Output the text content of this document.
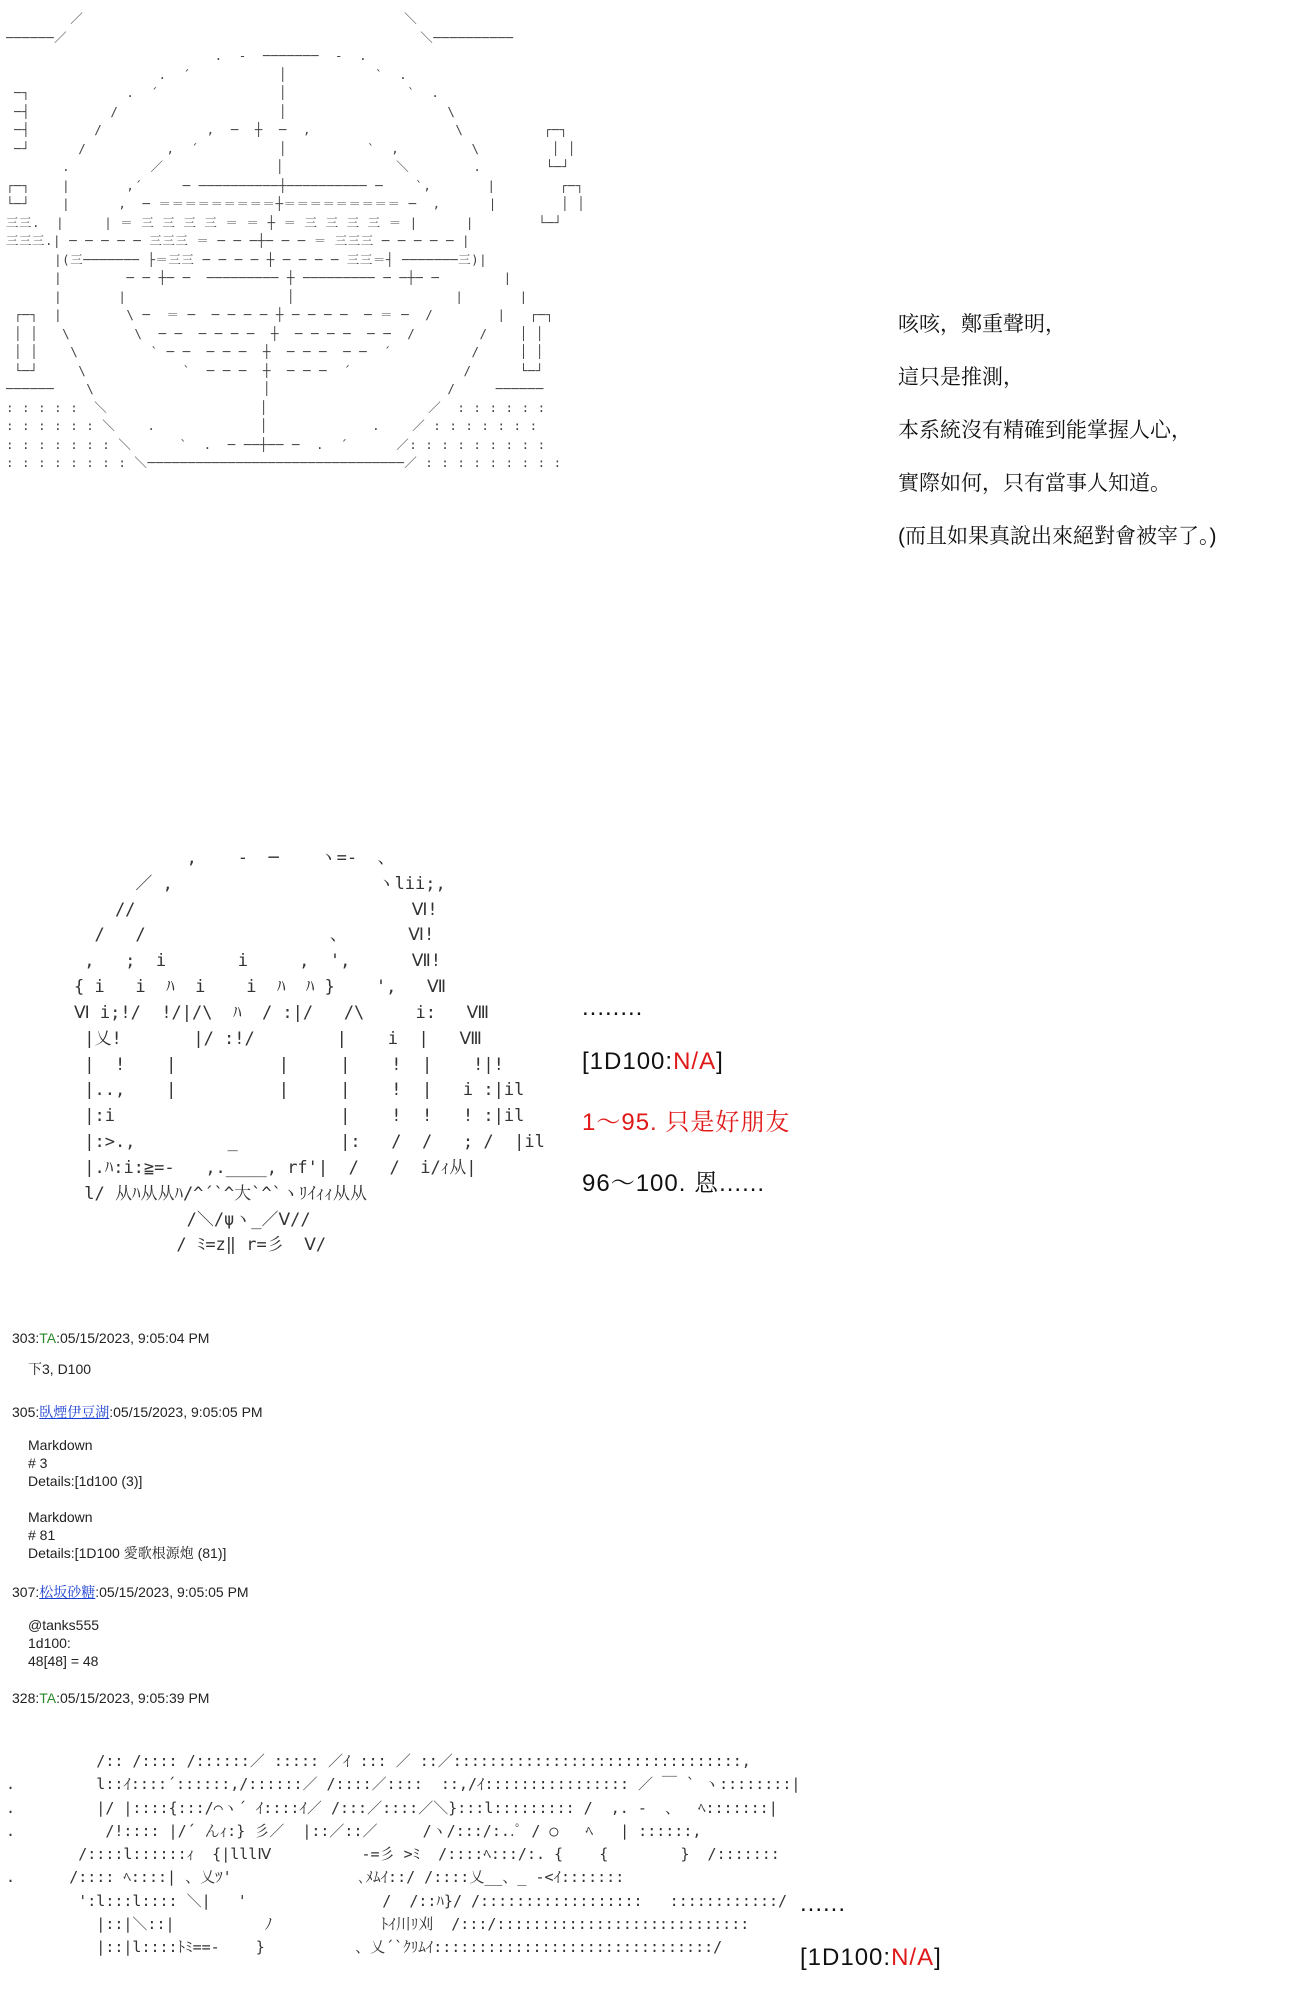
／                                        ＼
──────／                                            ＼──────────
.  -  ───────  -  .
.  ´           │           `  .
─┐            .  ´               │               `  .
─┤          /                    │                    \
─┤        /             ,  ─  ┼  ─  ,                  \          ┌─┐
─┘      /          ,  ´          │          `  ,         \         │ │
.          ／              │              ＼        .        └─┘
┌─┐    |       ,´     ─ ──────────┼────────── ─    `,       |        ┌─┐
└─┘    |      ,  ─ ＝＝＝＝＝＝＝＝＝┼＝＝＝＝＝＝＝＝＝ ─  ,      |        │ │
三三.  |     | ＝ 三 三 三 三 ＝ ＝ ┼ ＝ 三 三 三 三 ＝ |      |        └─┘
三三三.| ─ ─ ─ ─ ─ 三三三 ＝ ─ ─ ─┼─ ─ ─ ＝ 三三三 ─ ─ ─ ─ ─ |
|(三─────── ├＝三三 ─ ─ ─ ─ ┼ ─ ─ ─ ─ 三三＝┤ ───────三)|
|        ─ ─ ┼─ ─  ───────── ┼ ───────── ─ ─┼─ ─        |
|       |                    │                    |       |
┌─┐  |        \ ─  ＝ ─  ─ ─ ─ ─ ┼ ─ ─ ─ ─  ─ ＝ ─  /        |   ┌─┐
│ │   \        \  ─ ─  ─ ─ ─ ─  ┼  ─ ─ ─ ─  ─ ─  /        /    │ │
│ │    \         ` ─ ─  ─ ─ ─  ┼  ─ ─ ─  ─ ─  ´          /     │ │
└─┘     \            `  ─ ─ ─  ┼  ─ ─ ─  ´              /      └─┘
──────    \                     │                      /     ──────
: : : : :  ＼                   │                    ／  : : : : : :
: : : : : : ＼    .             │             .    ／ : : : : : : :
: : : : : : : ＼      `  .  ─ ──┼── ─  .  ´      ／: : : : : : : : :
: : : : : : : : ＼────────────────────────────────／ : : : : : : : : :

咳咳，鄭重聲明，

這只是推測，

本系統沒有精確到能掌握人心，

實際如何，只有當事人知道。

(而且如果真說出來絕對會被宰了。)

,    -  ─    ヽ=-  、
／ ,                    ヽlii;,
//                           Ⅵ!
/   /                  、      Ⅵ!
,   ;  i       i     ,  ',      Ⅶ!
{ i   i  ﾊ  i    i  ﾊ  ﾊ }    ',   Ⅶ
Ⅵ i;!/  !/|/\  ﾊ  / :|/   /\     i:   Ⅷ
|乂!       |/ :!/        |    i  |   Ⅷ
|  !    |          |     |    !  |    !|!
|..,    |          |     |    !  |   i :|il
|:i                      |    !  !   ! :|il
|:>.,         _          |:   /  /   ; /  |il
|.ﾊ:i:≧=-   ,.____, rf'|  /   /  i/ｨ从|
l/ 从ﾊ从从ﾊ/^´`^大`^`ヽﾘｲｨｨ从从
/＼/ψヽ_／Ⅴ//
/ ﾐ=z‖ r=彡  Ⅴ/

........

[1D100:N/A]

1～95. 只是好朋友

96～100. 恩......

303:TA:05/15/2023, 9:05:04 PM
下3, D100
305:臥煙伊豆湖:05/15/2023, 9:05:05 PM
Markdown
# 3
Details:[1d100 (3)]

Markdown
# 81
Details:[1D100 愛歌根源炮 (81)]
307:松坂砂糖:05/15/2023, 9:05:05 PM
@tanks555
1d100:
48[48] = 48
328:TA:05/15/2023, 9:05:39 PM
/:: /:::: /::::::／ ::::: ／ｲ ::: ／ ::／::::::::::::::::::::::::::::::::,
.         l::ｲ::::´::::::,/::::::／ /::::／::::  ::,/ｲ:::::::::::::::: ／ ￣ ` ヽ::::::::|
.         |/ |::::{:::/⌒ヽ´ ｲ::::ｲ／ /:::／::::／＼}:::l::::::::: /  ,. -  、  ﾍ:::::::|
.          /!:::: |/´ んｨ:} 彡／  |::／::／     /ヽ/:::/:..ﾟ / ○   ﾍ   | ::::::,
/::::l::::::ｨ  {|lllⅣ          -=彡 >ﾐ  /::::ﾍ:::/:. {    {        }  /:::::::
.      /:::: ﾍ::::| 、乂ﾂ'              ､ﾒﾑｲ::/ /::::乂__、_ -<ｲ:::::::
':l:::l:::: ＼|   '               /  /::ﾊ}/ /::::::::::::::::::   ::::::::::::/
|::|＼::|          ﾉ            ﾄｲ川ﾘ刈  /:::/::::::::::::::::::::::::::::
|::|l::::ﾄﾐ==-    }          、乂´`ｸﾘﾑｲ:::::::::::::::::::::::::::::::/

......

[1D100:N/A]
